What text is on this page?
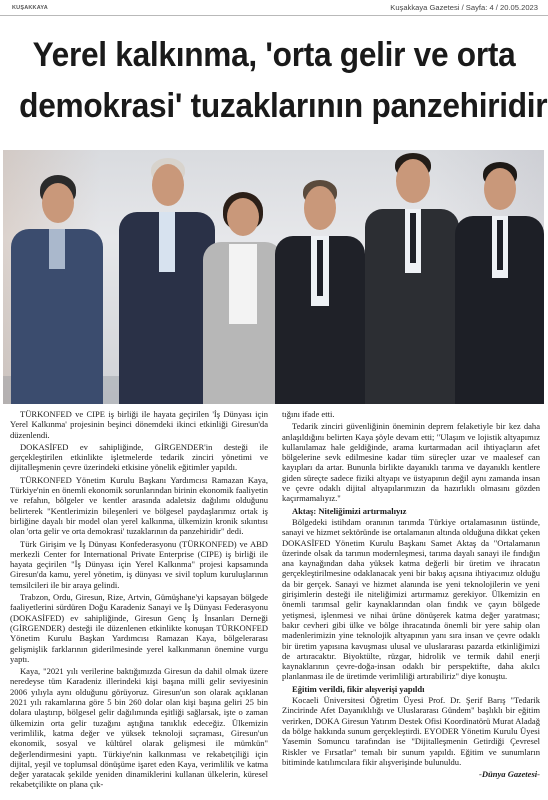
KUŞAKKAYA	Kuşakkaya Gazetesi / Sayfa: 4 / 20.05.2023
Yerel kalkınma, 'orta gelir ve orta
demokrasi' tuzaklarının panzehiridir

TÜRKONFED ve CIPE iş birliği ile hayata geçirilen 'İş Dünyası için Yerel Kalkınma' projesinin beşinci dönemdeki ikinci etkinliği Giresun'da düzenlendi.

DOKASİFED ev sahipliğinde, GİRGENDER'in desteği ile gerçekleştirilen etkinlikte işletmelerde tedarik zinciri yönetimi ve dijitalleşmenin çevre üzerindeki etkisine yönelik eğitimler yapıldı.

TÜRKONFED Yönetim Kurulu Başkanı Yardımcısı Ramazan Kaya, Türkiye'nin en önemli ekonomik sorunlarından birinin ekonomik faaliyetin ve refahın, bölgeler ve kentler arasında adaletsiz dağılımı olduğunu belirterek "Kentlerimizin bileşenleri ve bölgesel paydaşlarımız ortak iş birliğine dayalı bir model olan yerel kalkınma, ülkemizin kronik sıkıntısı olan 'orta gelir ve orta demokrasi' tuzaklarının da panzehiridir" dedi.

Türk Girişim ve İş Dünyası Konfederasyonu (TÜRKONFED) ve ABD merkezli Center for International Private Enterprise (CIPE) iş birliği ile hayata geçirilen "İş Dünyası için Yerel Kalkınma" projesi kapsamında Giresun'da kamu, yerel yönetim, iş dünyası ve sivil toplum kuruluşlarının temsilcileri ile bir araya gelindi.

Trabzon, Ordu, Giresun, Rize, Artvin, Gümüşhane'yi kapsayan bölgede faaliyetlerini sürdüren Doğu Karadeniz Sanayi ve İş Dünyası Federasyonu (DOKASİFED) ev sahipliğinde, Giresun Genç İş İnsanları Derneği (GİRGENDER) desteği ile düzenlenen etkinlikte konuşan TÜRKONFED Yönetim Kurulu Başkan Yardımcısı Ramazan Kaya, bölgelerarası gelişmişlik farklarının giderilmesinde yerel kalkınmanın önemine vurgu yaptı.

Kaya, "2021 yılı verilerine baktığımızda Giresun da dahil olmak üzere neredeyse tüm Karadeniz illerindeki kişi başına milli gelir seviyesinin 2006 yılıyla aynı olduğunu görüyoruz. Giresun'un son olarak açıklanan 2021 yılı rakamlarına göre 5 bin 260 dolar olan kişi başına geliri 25 bin dolara ulaştırıp, bölgesel gelir dağılımında eşitliği sağlarsak, işte o zaman ülkemizin orta gelir tuzağını aştığına tanıklık edeceğiz. Ülkemizin verimlilik, katma değer ve yüksek teknoloji sıçraması, Giresun'un ekonomik, sosyal ve kültürel olarak gelişmesi ile mümkün" değerlendirmesini yaptı. Türkiye'nin kalkınması ve rekabetçiliği için dijital, yeşil ve toplumsal dönüşüme işaret eden Kaya, verimlilik ve katma değer yaratacak şekilde yeniden dinamiklerini kullanan ülkelerin, küresel rekabetçilikte on plana çık-

tığını ifade etti.

Tedarik zinciri güvenliğinin öneminin deprem felaketiyle bir kez daha anlaşıldığını belirten Kaya şöyle devam etti; "Ulaşım ve lojistik altyapımız kullanılamaz hale geldiğinde, arama kurtarmadan acil ihtiyaçların afet bölgelerine sevk edilmesine kadar tüm süreçler uzar ve maalesef can kayıpları da artar. Bununla birlikte dayanıklı tarıma ve dayanıklı kentlere giden süreçte sadece fiziki altyapı ve üstyapının değil aynı zamanda insan ve çevre odaklı dijital altyapılarımızın da hazırlıklı olmasını gözden kaçırmamalıyız."

Aktaş: Niteliğimizi artırmalıyız

Bölgedeki istihdam oranının tarımda Türkiye ortalamasının üstünde, sanayi ve hizmet sektöründe ise ortalamanın altında olduğuna dikkat çeken DOKASİFED Yönetim Kurulu Başkanı Samet Aktaş da "Ortalamanın üzerinde olsak da tarımın modernleşmesi, tarıma dayalı sanayi ile fındığın ana kaynağından daha yüksek katma değerli bir üretim ve ihracatın gerçekleştirilmesine odaklanacak yeni bir bakış açısına ihtiyacımız olduğu da bir gerçek. Sanayi ve hizmet alanında ise yeni teknolojilerin ve yeni girişimlerin desteği ile niteliğimizi artırmamız gerekiyor. Ülkemizin en önemli tarımsal gelir kaynaklarından olan fındık ve çayın bölgede yetişmesi, işlenmesi ve nihai ürüne dönüşerek katma değer yaratması; bakır cevheri gibi ülke ve bölge ihracatında önemli bir yere sahip olan madenlerimizin yine teknolojik altyapının yanı sıra insan ve çevre odaklı bir üretim yapısına kavuşması ulusal ve uluslararası pazarda etkinliğimizi de artıracaktır. Biyoktülte, rüzgar, hidrolik ve termik dahil enerji kaynaklarının çevre-doğa-insan odaklı bir perspektifte, daha akılcı planlanması ile de üretimde verimliliği artırabiliriz" diye konuştu.

Eğitim verildi, fikir alışverişi yapıldı

Kocaeli Üniversitesi Öğretim Üyesi Prof. Dr. Şerif Barış "Tedarik Zincirinde Afet Dayanıklılığı ve Uluslararası Gündem" başlıklı bir eğitim verirken, DOKA Giresun Yatırım Destek Ofisi Koordinatörü Murat Aladağ da bölge hakkında sunum gerçekleştirdi. EYODER Yönetim Kurulu Üyesi Yasemin Somuncu tarafından ise "Dijitalleşmenin Getirdiği Çevresel Riskler ve Fırsatlar" temalı bir sunum yapıldı. Eğitim ve sunumların bitiminde katılımcılara fikir alışverişinde bulunuldu.

-Dünya Gazetesi-
